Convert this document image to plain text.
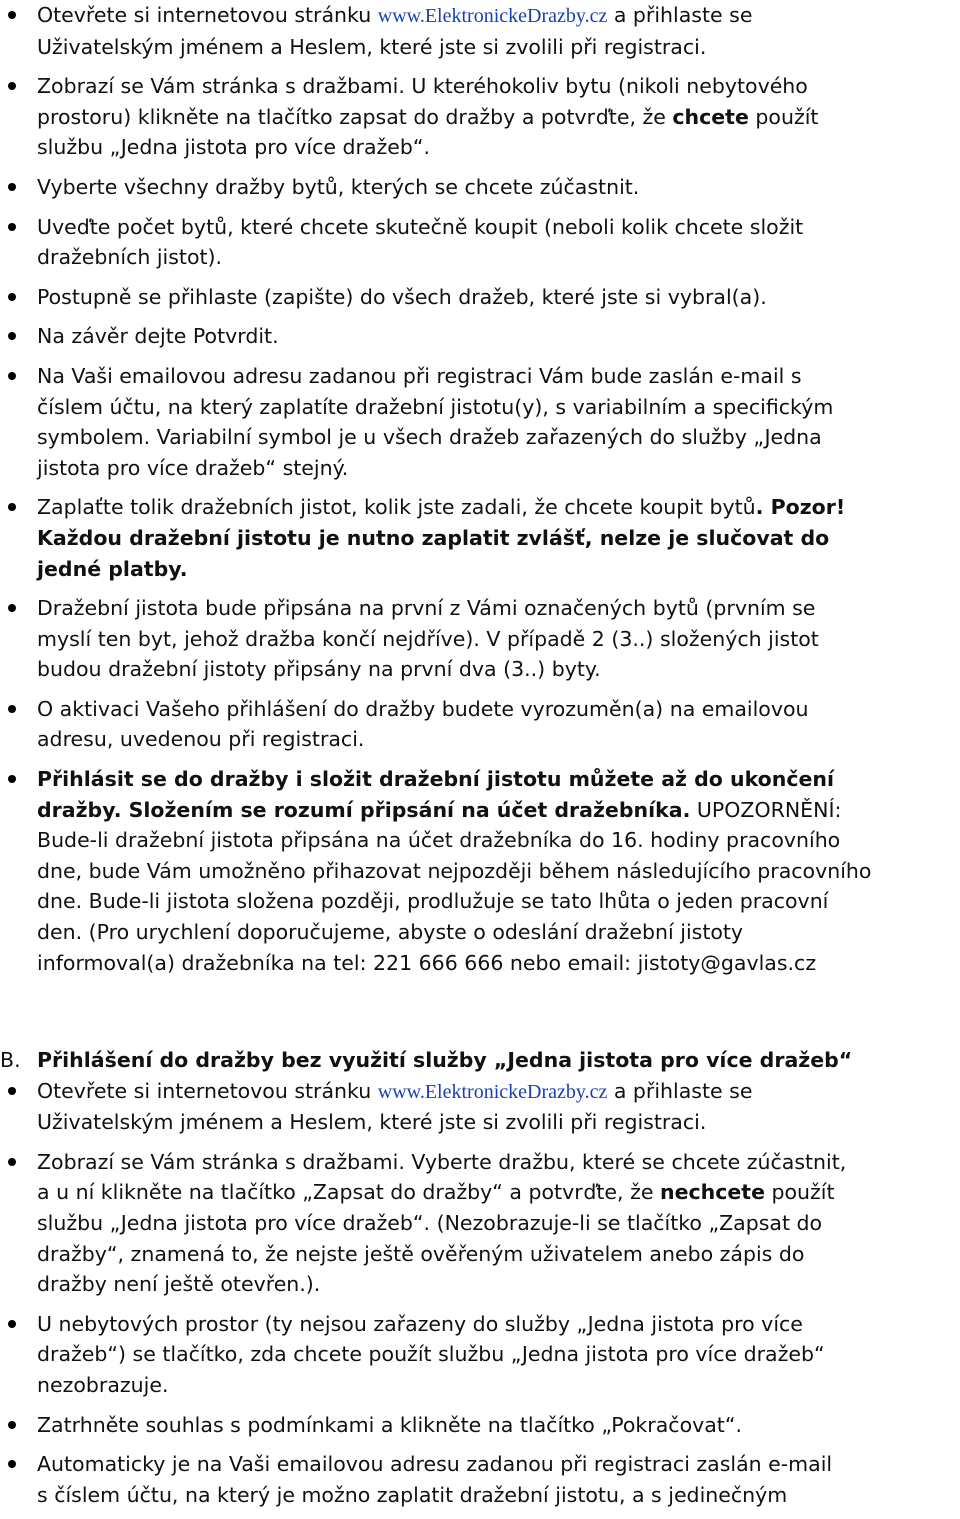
Otevřete si internetovou stránku www.ElektronickeDrazby.cz a přihlaste se
Uživatelským jménem a Heslem, které jste si zvolili při registraci.
Zobrazí se Vám stránka s dražbami. U kteréhokoliv bytu (nikoli nebytového
prostoru) klikněte na tlačítko zapsat do dražby a potvrďte, že chcete použít
službu „Jedna jistota pro více dražeb“.
Vyberte všechny dražby bytů, kterých se chcete zúčastnit.
Uveďte počet bytů, které chcete skutečně koupit (neboli kolik chcete složit
dražebních jistot).
Postupně se přihlaste (zapište) do všech dražeb, které jste si vybral(a).
Na závěr dejte Potvrdit.
Na Vaši emailovou adresu zadanou při registraci Vám bude zaslán e-mail s
číslem účtu, na který zaplatíte dražební jistotu(y), s variabilním a specifickým
symbolem. Variabilní symbol je u všech dražeb zařazených do služby „Jedna
jistota pro více dražeb“ stejný.
Zaplaťte tolik dražebních jistot, kolik jste zadali, že chcete koupit bytů. Pozor!
Každou dražební jistotu je nutno zaplatit zvlášť, nelze je slučovat do
jedné platby.
Dražební jistota bude připsána na první z Vámi označených bytů (prvním se
myslí ten byt, jehož dražba končí nejdříve). V případě 2 (3..) složených jistot
budou dražební jistoty připsány na první dva (3..) byty.
O aktivaci Vašeho přihlášení do dražby budete vyrozuměn(a) na emailovou
adresu, uvedenou při registraci.
Přihlásit se do dražby i složit dražební jistotu můžete až do ukončení
dražby. Složením se rozumí připsání na účet dražebníka. UPOZORNĚNÍ:
Bude-li dražební jistota připsána na účet dražebníka do 16. hodiny pracovního
dne, bude Vám umožněno přihazovat nejpozději během následujícího pracovního
dne. Bude-li jistota složena později, prodlužuje se tato lhůta o jeden pracovní
den. (Pro urychlení doporučujeme, abyste o odeslání dražební jistoty
informoval(a) dražebníka na tel: 221 666 666 nebo email: jistoty@gavlas.cz
B. Přihlášení do dražby bez využití služby „Jedna jistota pro více dražeb“
Otevřete si internetovou stránku www.ElektronickeDrazby.cz a přihlaste se
Uživatelským jménem a Heslem, které jste si zvolili při registraci.
Zobrazí se Vám stránka s dražbami. Vyberte dražbu, které se chcete zúčastnit,
a u ní klikněte na tlačítko „Zapsat do dražby“ a potvrďte, že nechcete použít
službu „Jedna jistota pro více dražeb“. (Nezobrazuje-li se tlačítko „Zapsat do
dražby“, znamená to, že nejste ještě ověřeným uživatelem anebo zápis do
dražby není ještě otevřen.).
U nebytových prostor (ty nejsou zařazeny do služby „Jedna jistota pro více
dražeb“) se tlačítko, zda chcete použít službu „Jedna jistota pro více dražeb“
nezobrazuje.
Zatrhněte souhlas s podmínkami a klikněte na tlačítko „Pokračovat“.
Automaticky je na Vaši emailovou adresu zadanou při registraci zaslán e-mail
s číslem účtu, na který je možno zaplatit dražební jistotu, a s jedinečným
